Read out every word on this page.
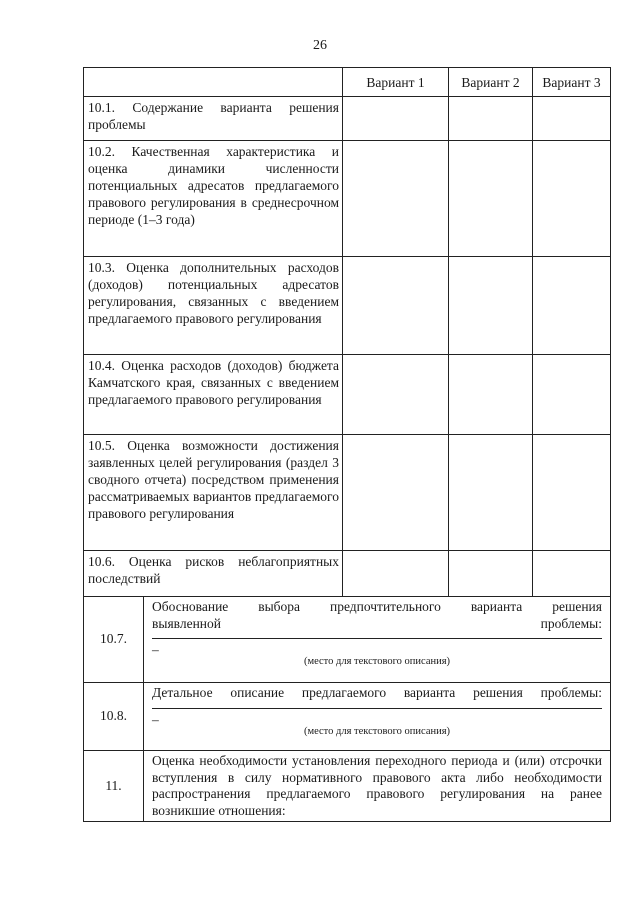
26
	Вариант 1	Вариант 2	Вариант 3
10.1. Содержание варианта решения проблемы			
10.2. Качественная характеристика и оценка динамики численности потенциальных адресатов предлагаемого правового регулирования в среднесрочном периоде (1–3 года)			
10.3. Оценка дополнительных расходов (доходов) потенциальных адресатов регулирования, связанных с введением предлагаемого правового регулирования			
10.4. Оценка расходов (доходов) бюджета Камчатского края, связанных с введением предлагаемого правового регулирования			
10.5. Оценка возможности достижения заявленных целей регулирования (раздел 3 сводного отчета) посредством применения рассматриваемых вариантов предлагаемого правового регулирования			
10.6. Оценка рисков неблагоприятных последствий			
10.7.	Обоснование выбора предпочтительного варианта решения
выявленной проблемы:
–
(место для текстового описания)

10.8.	Детальное описание предлагаемого варианта решения проблемы:
–
(место для текстового описания)

11.	Оценка необходимости установления переходного периода и (или) отсрочки вступления в силу нормативного правового акта либо необходимости распространения предлагаемого правового регулирования на ранее возникшие отношения:
